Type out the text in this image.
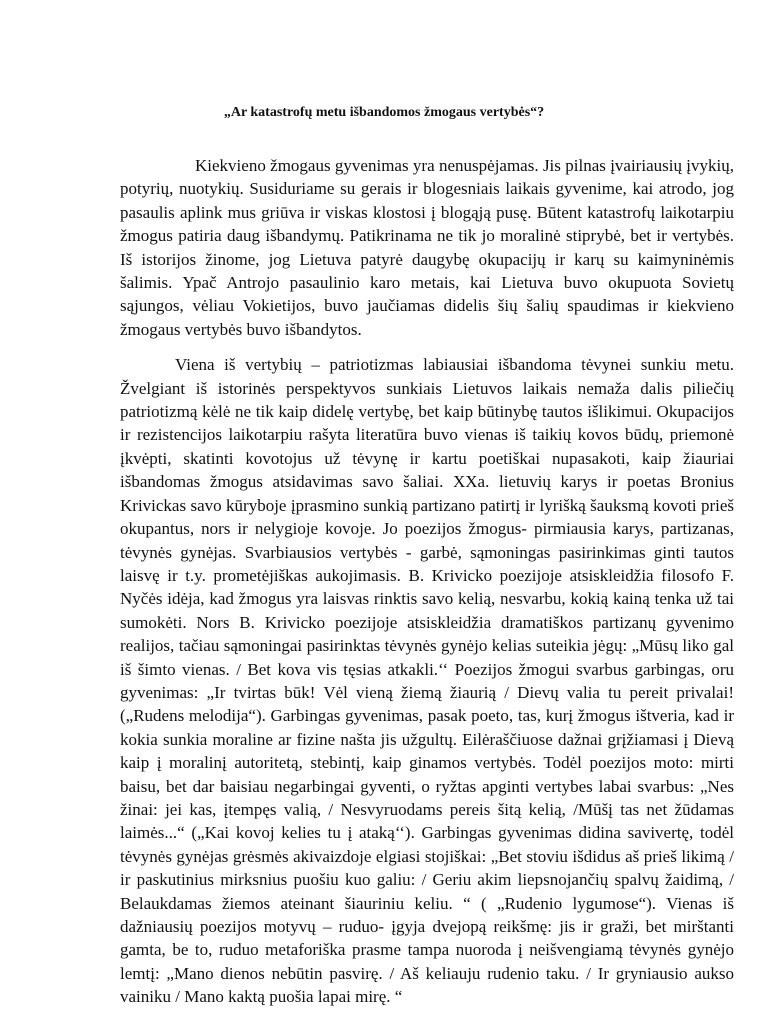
„Ar katastrofų metu išbandomos žmogaus vertybės“?

Kiekvieno žmogaus gyvenimas yra nenuspėjamas. Jis pilnas įvairiausių įvykių, potyrių, nuotykių. Susiduriame su gerais ir blogesniais laikais gyvenime, kai atrodo, jog pasaulis aplink mus griūva ir viskas klostosi į blogąją pusę. Būtent katastrofų laikotarpiu žmogus patiria daug išbandymų. Patikrinama ne tik jo moralinė stiprybė, bet ir vertybės. Iš istorijos žinome, jog Lietuva patyrė daugybę okupacijų ir karų su kaimyninėmis šalimis. Ypač Antrojo pasaulinio karo metais, kai Lietuva buvo okupuota Sovietų sąjungos, vėliau Vokietijos, buvo jaučiamas didelis šių šalių spaudimas ir kiekvieno žmogaus vertybės buvo išbandytos.

Viena iš vertybių – patriotizmas labiausiai išbandoma tėvynei sunkiu metu. Žvelgiant iš istorinės perspektyvos sunkiais Lietuvos laikais nemaža dalis piliečių patriotizmą kėlė ne tik kaip didelę vertybę, bet kaip būtinybę tautos išlikimui. Okupacijos ir rezistencijos laikotarpiu rašyta literatūra buvo vienas iš taikių kovos būdų, priemonė įkvėpti, skatinti kovotojus už tėvynę ir kartu poetiškai nupasakoti, kaip žiauriai išbandomas žmogus atsidavimas savo šaliai. XXa. lietuvių karys ir poetas Bronius Krivickas savo kūryboje įprasmino sunkią partizano patirtį ir lyrišką šauksmą kovoti prieš okupantus, nors ir nelygioje kovoje. Jo poezijos žmogus- pirmiausia karys, partizanas, tėvynės gynėjas. Svarbiausios vertybės - garbė, sąmoningas pasirinkimas ginti tautos laisvę ir t.y. prometėjiškas aukojimasis. B. Krivicko poezijoje atsiskleidžia filosofo F. Nyčės idėja, kad žmogus yra laisvas rinktis savo kelią, nesvarbu, kokią kainą tenka už tai sumokėti. Nors B. Krivicko poezijoje atsiskleidžia dramatiškos partizanų gyvenimo realijos, tačiau sąmoningai pasirinktas tėvynės gynėjo kelias suteikia jėgų: „Mūsų liko gal iš šimto vienas. / Bet kova vis tęsias atkakli.‘‘ Poezijos žmogui svarbus garbingas, oru gyvenimas: „Ir tvirtas būk! Vėl vieną žiemą žiaurią / Dievų valia tu pereit privalai! („Rudens melodija“). Garbingas gyvenimas, pasak poeto, tas, kurį žmogus ištveria, kad ir kokia sunkia moraline ar fizine našta jis užgultų. Eilėraščiuose dažnai grįžiamasi į Dievą kaip į moralinį autoritetą, stebintį, kaip ginamos vertybės. Todėl poezijos moto: mirti baisu, bet dar baisiau negarbingai gyventi, o ryžtas apginti vertybes labai svarbus: „Nes žinai: jei kas, įtempęs valią, / Nesvyruodams pereis šitą kelią, /Mūšį tas net žūdamas laimės...“ („Kai kovoj kelies tu į ataką‘‘). Garbingas gyvenimas didina savivertę, todėl tėvynės gynėjas grėsmės akivaizdoje elgiasi stojiškai: „Bet stoviu išdidus aš prieš likimą / ir paskutinius mirksnius puošiu kuo galiu: / Geriu akim liepsnojančių spalvų žaidimą, / Belaukdamas žiemos ateinant šiauriniu keliu. “ ( „Rudenio lygumose“). Vienas iš dažniausių poezijos motyvų – ruduo- įgyja dvejopą reikšmę: jis ir graži, bet mirštanti gamta, be to, ruduo metaforiška prasme tampa nuoroda į neišvengiamą tėvynės gynėjo lemtį: „Mano dienos nebūtin pasvirę. / Aš keliauju rudenio taku. / Ir gryniausio aukso vainiku / Mano kaktą puošia lapai mirę. “
